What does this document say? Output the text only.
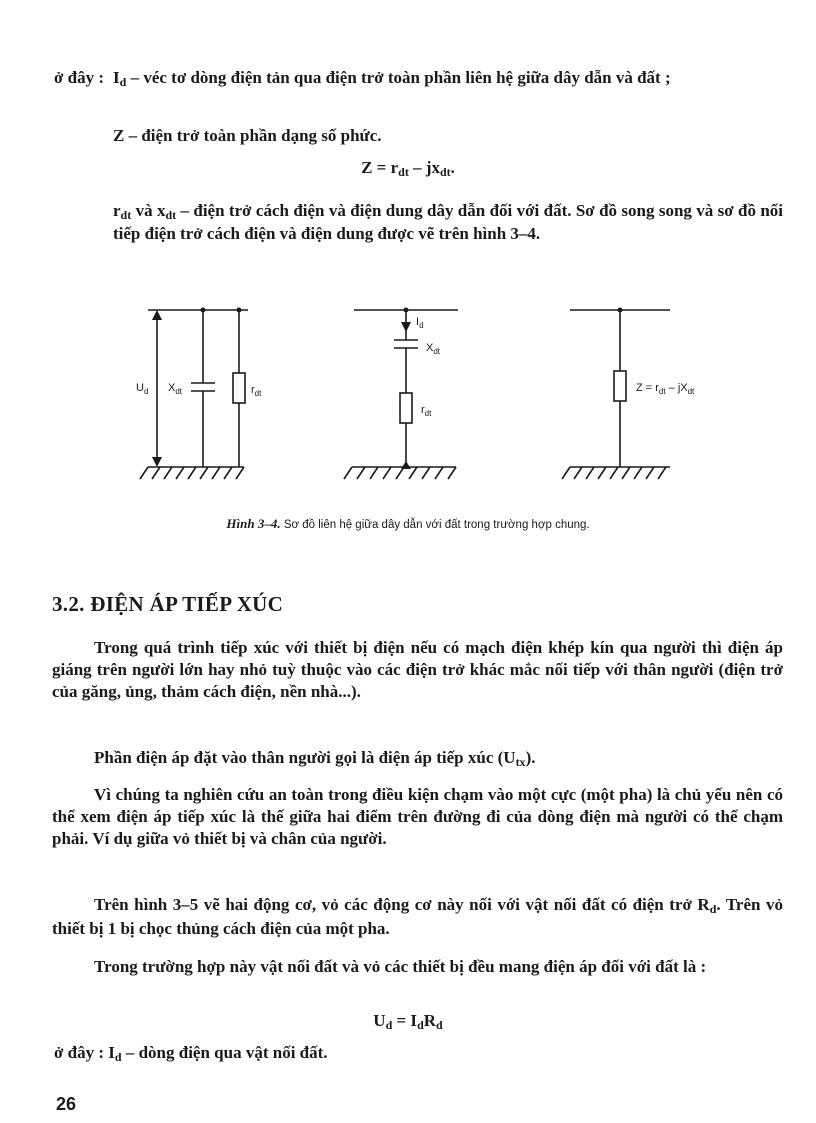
ở đây : $I_d$ – véc tơ dòng điện tản qua điện trở toàn phần liên hệ giữa dây dẫn và đất ;
Z – điện trở toàn phần dạng số phức.
$Z = r_{dt} - jx_{dt}$.
$r_{dt}$ và $x_{dt}$ – điện trở cách điện và điện dung dây dẫn đối với đất. Sơ đồ song song và sơ đồ nối tiếp điện trở cách điện và điện dung được vẽ trên hình 3–4.
$U_d$ $X_{dt}$	$r_{dt}$
$I_d$
$X_{dt}$
$r_{dt}$
$Z = r_{dt} - jX_{dt}$
Hình 3–4. Sơ đồ liên hệ giữa dây dẫn với đất trong trường hợp chung.
3.2. ĐIỆN ÁP TIẾP XÚC
Trong quá trình tiếp xúc với thiết bị điện nếu có mạch điện khép kín qua người thì điện áp giáng trên người lớn hay nhỏ tuỳ thuộc vào các điện trở khác mắc nối tiếp với thân người (điện trở của găng, ủng, thảm cách điện, nền nhà...).
Phần điện áp đặt vào thân người gọi là điện áp tiếp xúc $(U_{tx})$.
Vì chúng ta nghiên cứu an toàn trong điều kiện chạm vào một cực (một pha) là chủ yếu nên có thể xem điện áp tiếp xúc là thế giữa hai điểm trên đường đi của dòng điện mà người có thể chạm phải. Ví dụ giữa vỏ thiết bị và chân của người.
Trên hình 3–5 vẽ hai động cơ, vỏ các động cơ này nối với vật nối đất có điện trở $R_d$. Trên vỏ thiết bị 1 bị chọc thủng cách điện của một pha.
Trong trường hợp này vật nối đất và vỏ các thiết bị đều mang điện áp đối với đất là :
$U_d = I_dR_d$
ở đây : $I_d$ – dòng điện qua vật nối đất.
26
